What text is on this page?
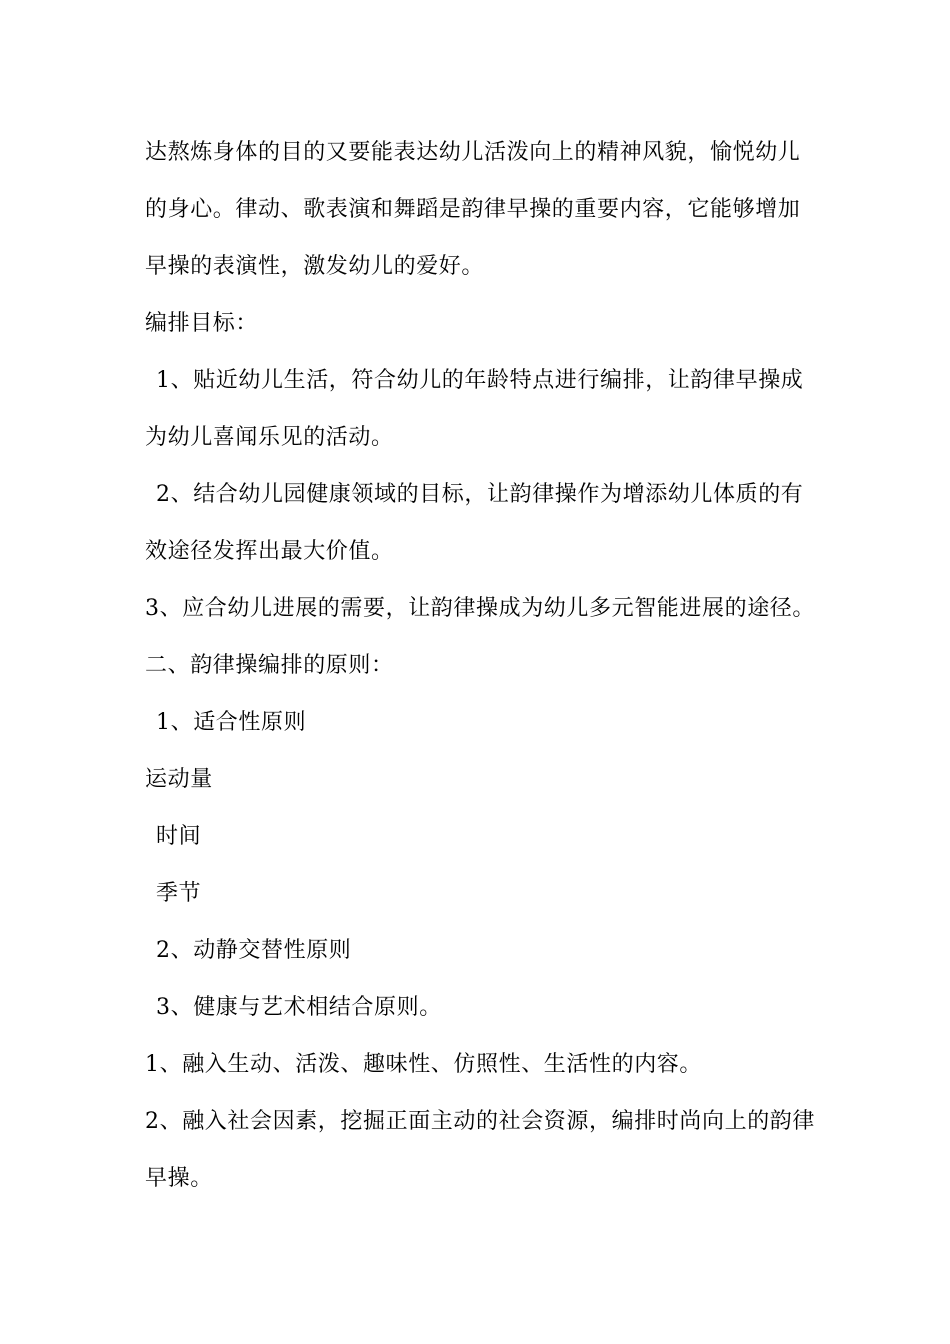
达熬炼身体的目的又要能表达幼儿活泼向上的精神风貌，愉悦幼儿
的身心。律动、歌表演和舞蹈是韵律早操的重要内容，它能够增加
早操的表演性，激发幼儿的爱好。
编排目标：
1、贴近幼儿生活，符合幼儿的年龄特点进行编排，让韵律早操成
为幼儿喜闻乐见的活动。
2、结合幼儿园健康领域的目标，让韵律操作为增添幼儿体质的有
效途径发挥出最大价值。
3、应合幼儿进展的需要，让韵律操成为幼儿多元智能进展的途径。
二、韵律操编排的原则：
1、适合性原则
运动量
时间
季节
2、动静交替性原则
3、健康与艺术相结合原则。
1、融入生动、活泼、趣味性、仿照性、生活性的内容。
2、融入社会因素，挖掘正面主动的社会资源，编排时尚向上的韵律
早操。
